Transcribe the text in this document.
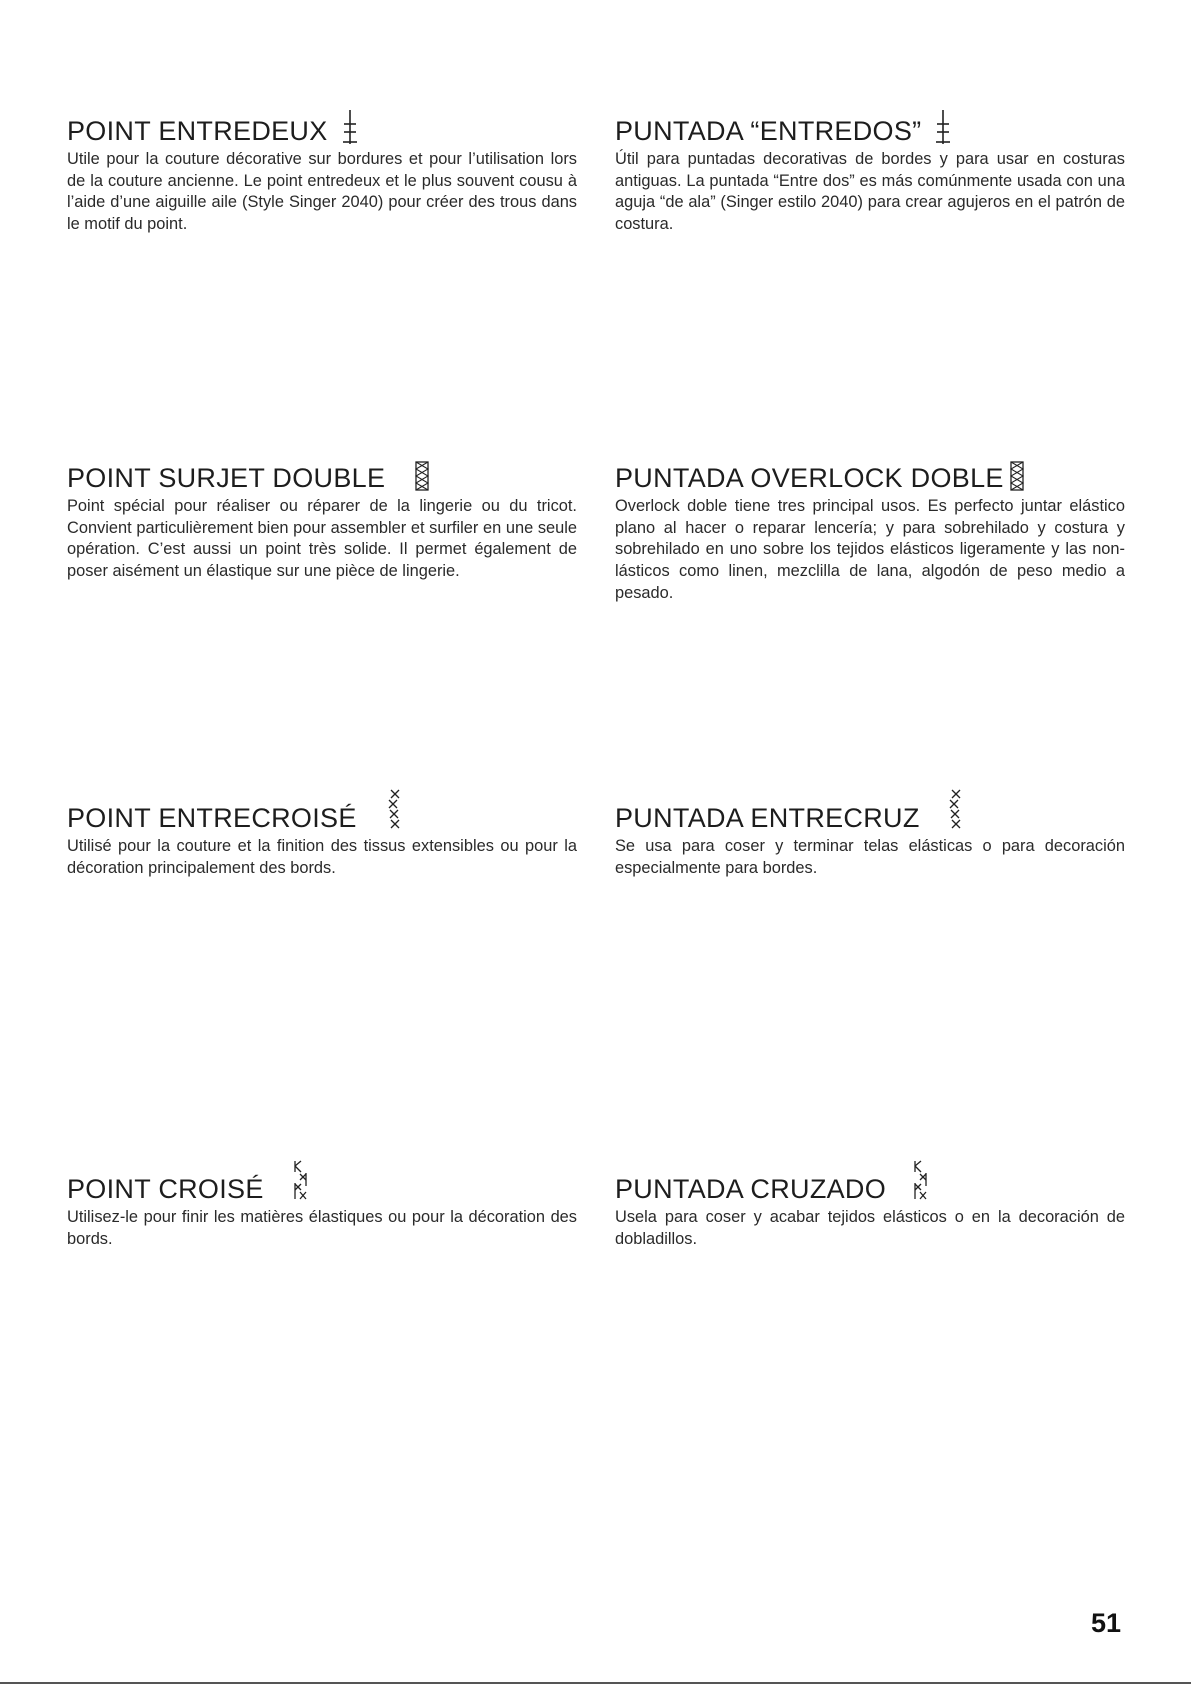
POINT ENTREDEUX

Utile pour la couture décorative sur bordures et pour l’utilisation lors de la couture ancienne. Le point entredeux et le plus souvent cousu à l’aide d’une aiguille aile (Style Singer 2040) pour créer des trous dans le motif du point.

PUNTADA “ENTREDOS”

Útil para puntadas decorativas de bordes y para usar en costuras antiguas. La puntada “Entre dos” es más comúnmente usada con una aguja “de ala” (Singer estilo 2040) para crear agujeros en el patrón de costura.

POINT SURJET DOUBLE

Point spécial pour réaliser ou réparer de la lingerie ou du tricot. Convient particulièrement bien pour assembler et surfiler en une seule opération. C’est aussi un point très solide. Il permet également de poser aisément un élastique sur une pièce de lingerie.

PUNTADA OVERLOCK DOBLE

Overlock doble tiene tres principal usos. Es perfecto juntar elástico plano al hacer o reparar lencería; y para sobrehilado y costura y sobrehilado en uno sobre los tejidos elásticos ligeramente y las non-lásticos como linen, mezclilla de lana, algodón de peso medio a pesado.

POINT ENTRECROISÉ

Utilisé pour la couture et la finition des tissus extensibles ou pour la décoration principalement des bords.

PUNTADA ENTRECRUZ

Se usa para coser y terminar telas elásticas o para decoración especialmente para bordes.

POINT CROISÉ

Utilisez-le pour finir les matières élastiques ou pour la décoration des bords.

PUNTADA CRUZADO

Usela para coser y acabar tejidos elásticos o en la decoración de dobladillos.

51
